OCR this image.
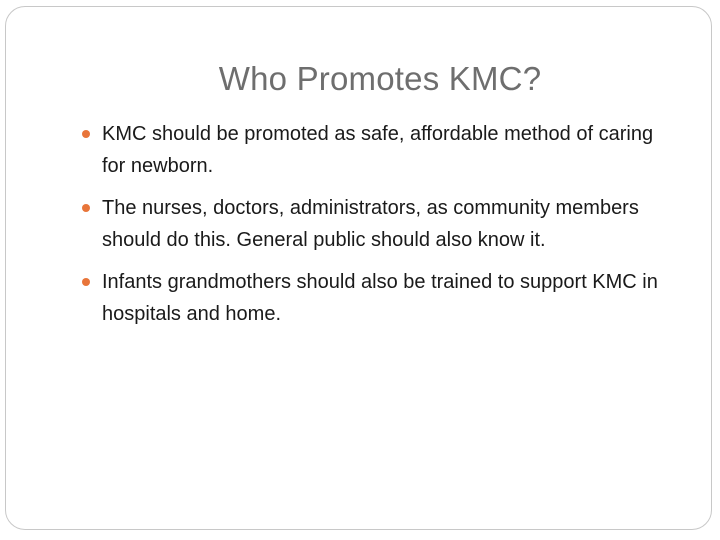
Who Promotes KMC?
KMC should be promoted as safe, affordable method of caring for newborn.
The nurses, doctors, administrators, as community members should do this. General public should also know it.
Infants grandmothers should also be trained to support KMC in hospitals and home.
